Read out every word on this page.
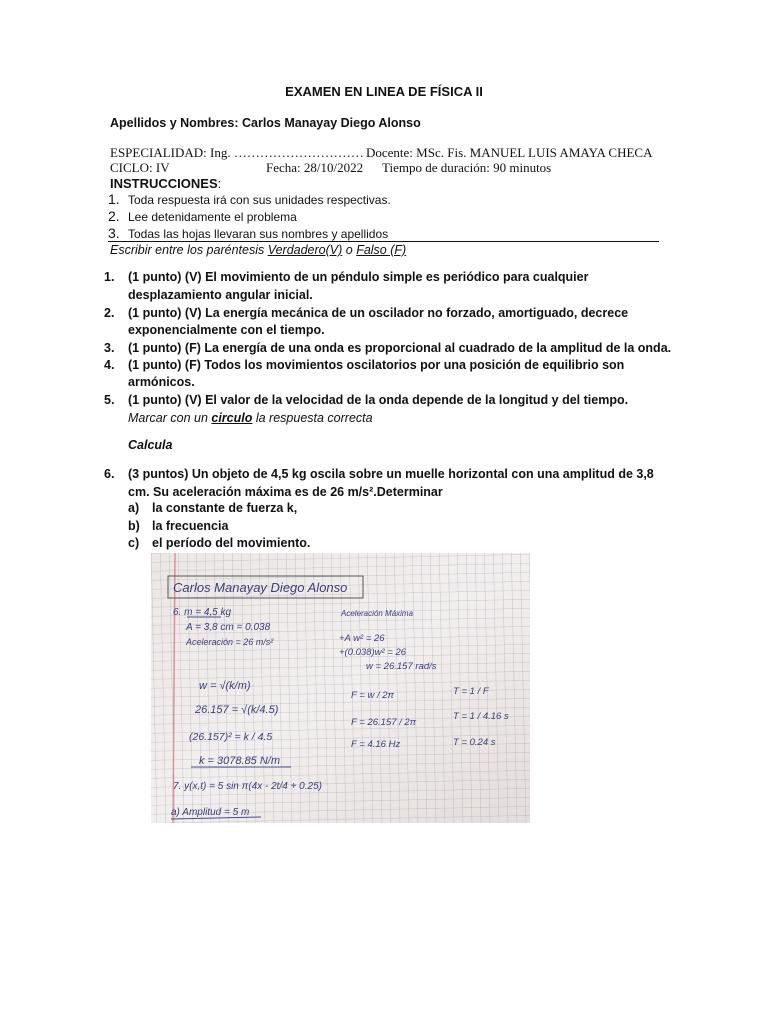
EXAMEN EN LINEA DE FÍSICA II
Apellidos y Nombres: Carlos Manayay Diego Alonso
ESPECIALIDAD: Ing. ………………………… Docente: MSc. Fis. MANUEL LUIS AMAYA CHECA
CICLO: IV	Fecha: 28/10/2022 Tiempo de duración: 90 minutos
INSTRUCCIONES:
1. Toda respuesta irá con sus unidades respectivas.
2. Lee detenidamente el problema
3. Todas las hojas llevaran sus nombres y apellidos
Escribir entre los paréntesis Verdadero(V) o Falso (F)
1.	(1 punto) (V) El movimiento de un péndulo simple es periódico para cualquier
desplazamiento angular inicial.
2.	(1 punto) (V) La energía mecánica de un oscilador no forzado, amortiguado, decrece
exponencialmente con el tiempo.
3.	(1 punto) (F) La energía de una onda es proporcional al cuadrado de la amplitud de la onda.
4.	(1 punto) (F) Todos los movimientos oscilatorios por una posición de equilibrio son
armónicos.
5.	(1 punto) (V) El valor de la velocidad de la onda depende de la longitud y del tiempo.
Marcar con un circulo la respuesta correcta
Calcula
6.	(3 puntos) Un objeto de 4,5 kg oscila sobre un muelle horizontal con una amplitud de 3,8
cm. Su aceleración máxima es de 26 m/s².Determinar
a) la constante de fuerza k,
b) la frecuencia
c) el período del movimiento.
Carlos Manayay Diego Alonso
6. m = 4,5 kg
A = 3,8 cm = 0.038
Aceleración = 26 m/s²
Aceleración Máxima
+A w² = 26
+(0.038)w² = 26
w = 26.157 rad/s
w = √(k/m)
26.157 = √(k/4.5)
(26.157)² = k / 4.5
k = 3078.85 N/m
F = w / 2π
F = 26.157 / 2π
F = 4.16 Hz
T = 1 / F
T = 1 / 4.16 s
T = 0.24 s
7. y(x,t) = 5 sin π(4x - 2t/4 + 0.25)
a) Amplitud = 5 m
